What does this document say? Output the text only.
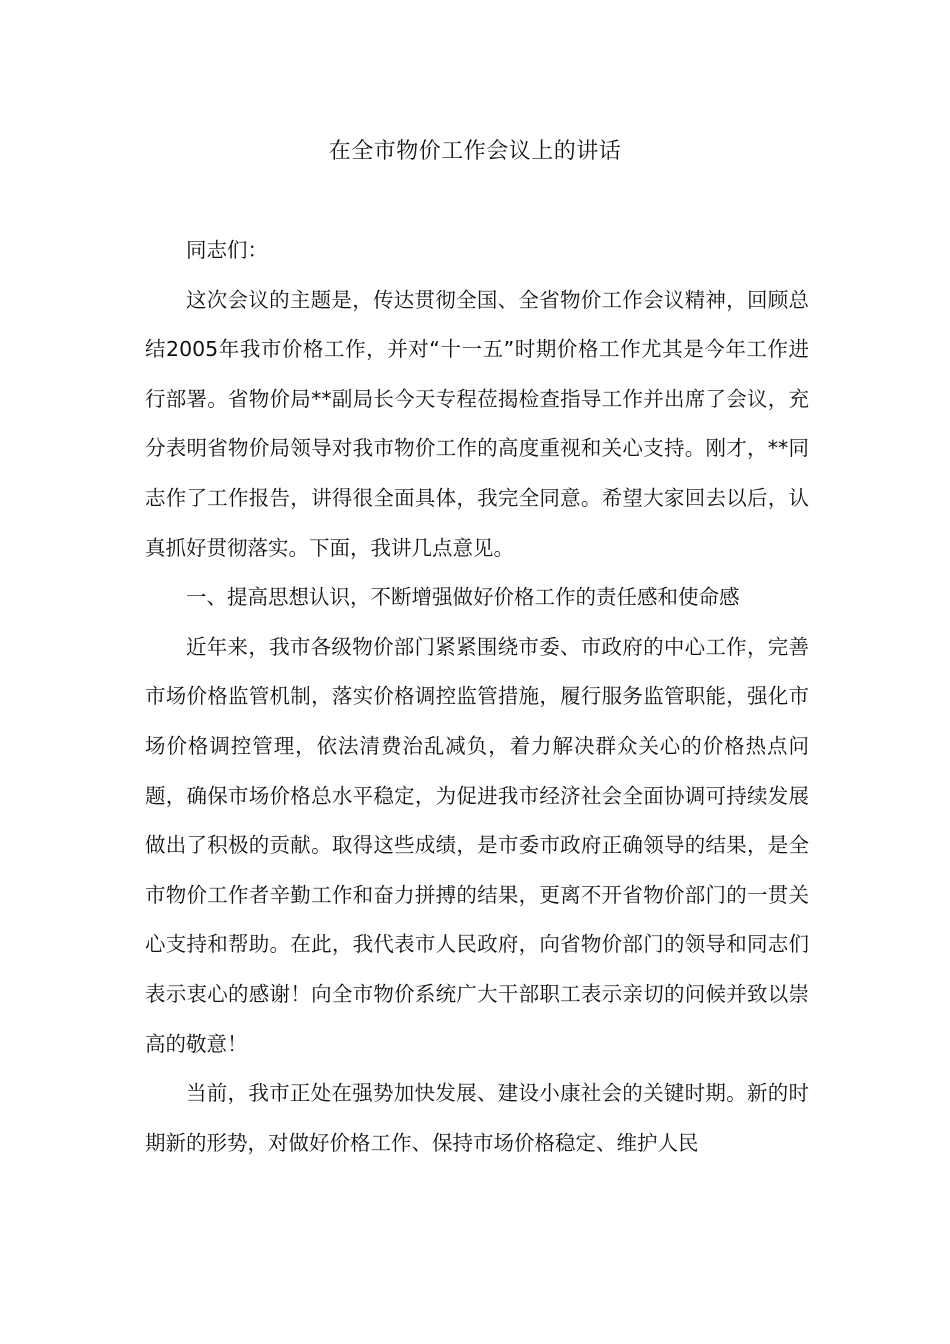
在全市物价工作会议上的讲话

同志们：

这次会议的主题是，传达贯彻全国、全省物价工作会议精神，回顾总结2005年我市价格工作，并对“十一五”时期价格工作尤其是今年工作进行部署。省物价局**副局长今天专程莅揭检查指导工作并出席了会议，充分表明省物价局领导对我市物价工作的高度重视和关心支持。刚才，**同志作了工作报告，讲得很全面具体，我完全同意。希望大家回去以后，认真抓好贯彻落实。下面，我讲几点意见。

一、提高思想认识，不断增强做好价格工作的责任感和使命感

近年来，我市各级物价部门紧紧围绕市委、市政府的中心工作，完善市场价格监管机制，落实价格调控监管措施，履行服务监管职能，强化市场价格调控管理，依法清费治乱减负，着力解决群众关心的价格热点问题，确保市场价格总水平稳定，为促进我市经济社会全面协调可持续发展做出了积极的贡献。取得这些成绩，是市委市政府正确领导的结果，是全市物价工作者辛勤工作和奋力拼搏的结果，更离不开省物价部门的一贯关心支持和帮助。在此，我代表市人民政府，向省物价部门的领导和同志们表示衷心的感谢！向全市物价系统广大干部职工表示亲切的问候并致以崇高的敬意！

当前，我市正处在强势加快发展、建设小康社会的关键时期。新的时期新的形势，对做好价格工作、保持市场价格稳定、维护人民
